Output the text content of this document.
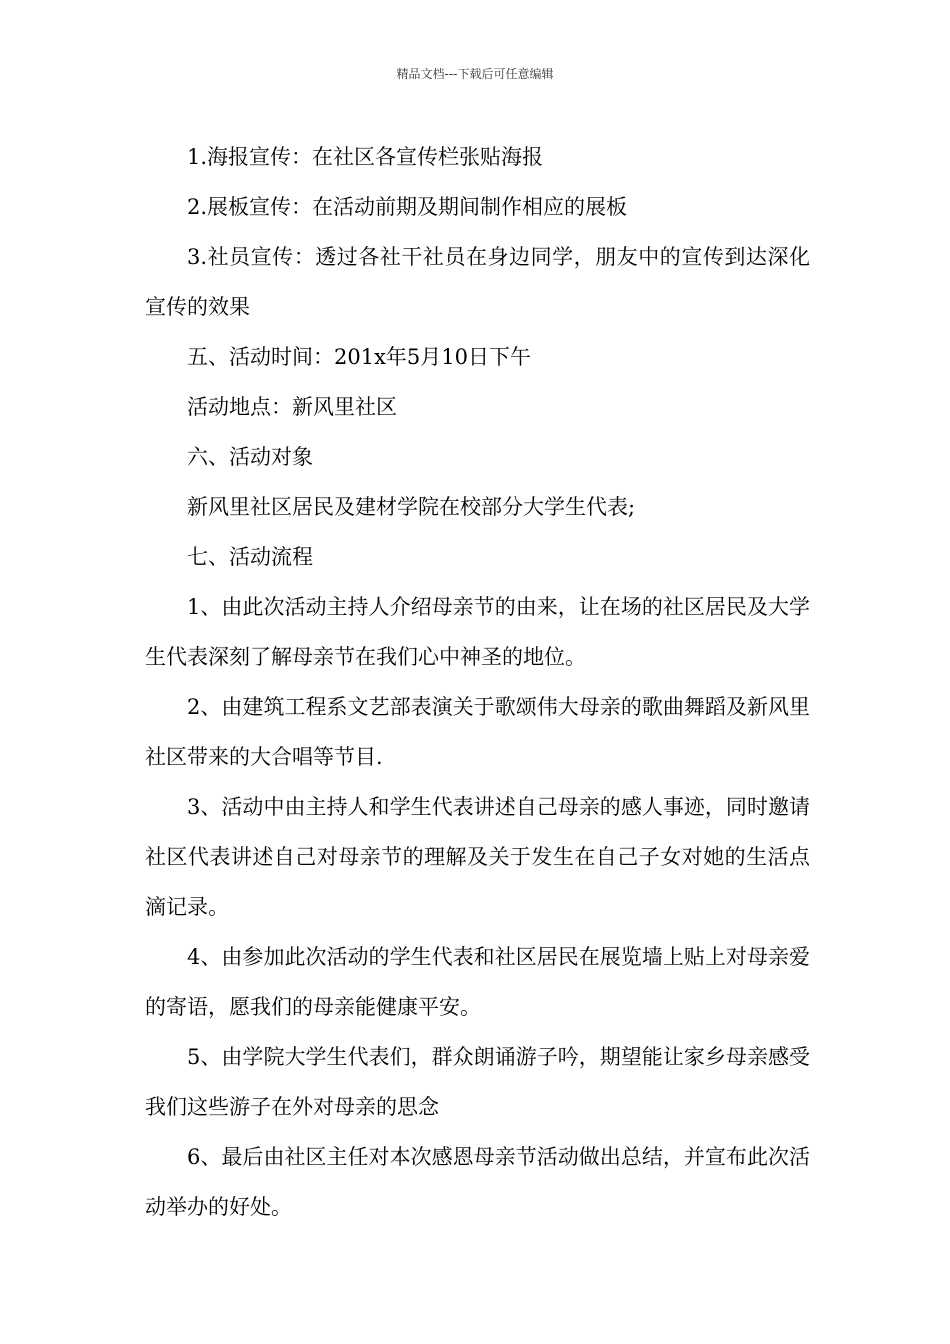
精品文档---下载后可任意编辑

1.海报宣传：在社区各宣传栏张贴海报

2.展板宣传：在活动前期及期间制作相应的展板

3.社员宣传：透过各社干社员在身边同学，朋友中的宣传到达深化宣传的效果

五、活动时间：201x年5月10日下午

活动地点：新风里社区

六、活动对象

新风里社区居民及建材学院在校部分大学生代表;

七、活动流程

1、由此次活动主持人介绍母亲节的由来，让在场的社区居民及大学生代表深刻了解母亲节在我们心中神圣的地位。

2、由建筑工程系文艺部表演关于歌颂伟大母亲的歌曲舞蹈及新风里社区带来的大合唱等节目.

3、活动中由主持人和学生代表讲述自己母亲的感人事迹，同时邀请社区代表讲述自己对母亲节的理解及关于发生在自己子女对她的生活点滴记录。

4、由参加此次活动的学生代表和社区居民在展览墙上贴上对母亲爱的寄语，愿我们的母亲能健康平安。

5、由学院大学生代表们，群众朗诵游子吟，期望能让家乡母亲感受我们这些游子在外对母亲的思念

6、最后由社区主任对本次感恩母亲节活动做出总结，并宣布此次活动举办的好处。
